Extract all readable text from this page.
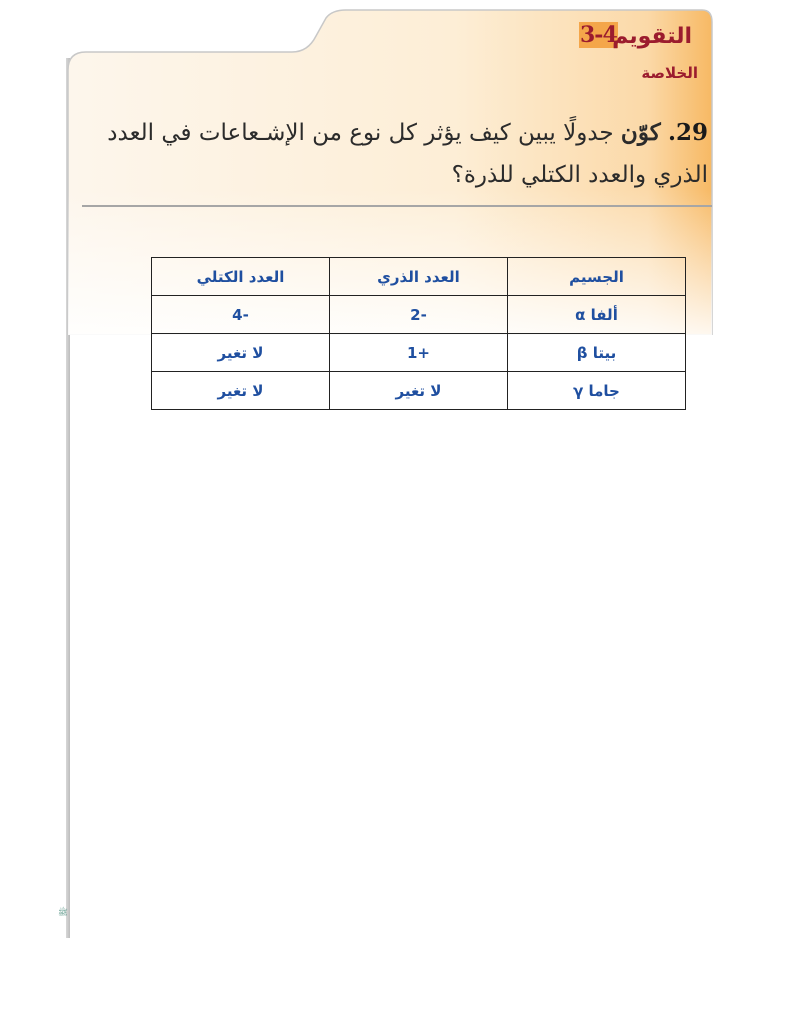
3-4
التقويم
الخلاصة
29. كوّن جدولًا يبين كيف يؤثر كل نوع من الإشـعاعات في العدد الذري والعدد الكتلي للذرة؟
الجسيم	العدد الذري	العدد الكتلي
ألفا α	-2	-4
بيتا β	+1	لا تغير
جاما γ	لا تغير	لا تغير
ﷺ
